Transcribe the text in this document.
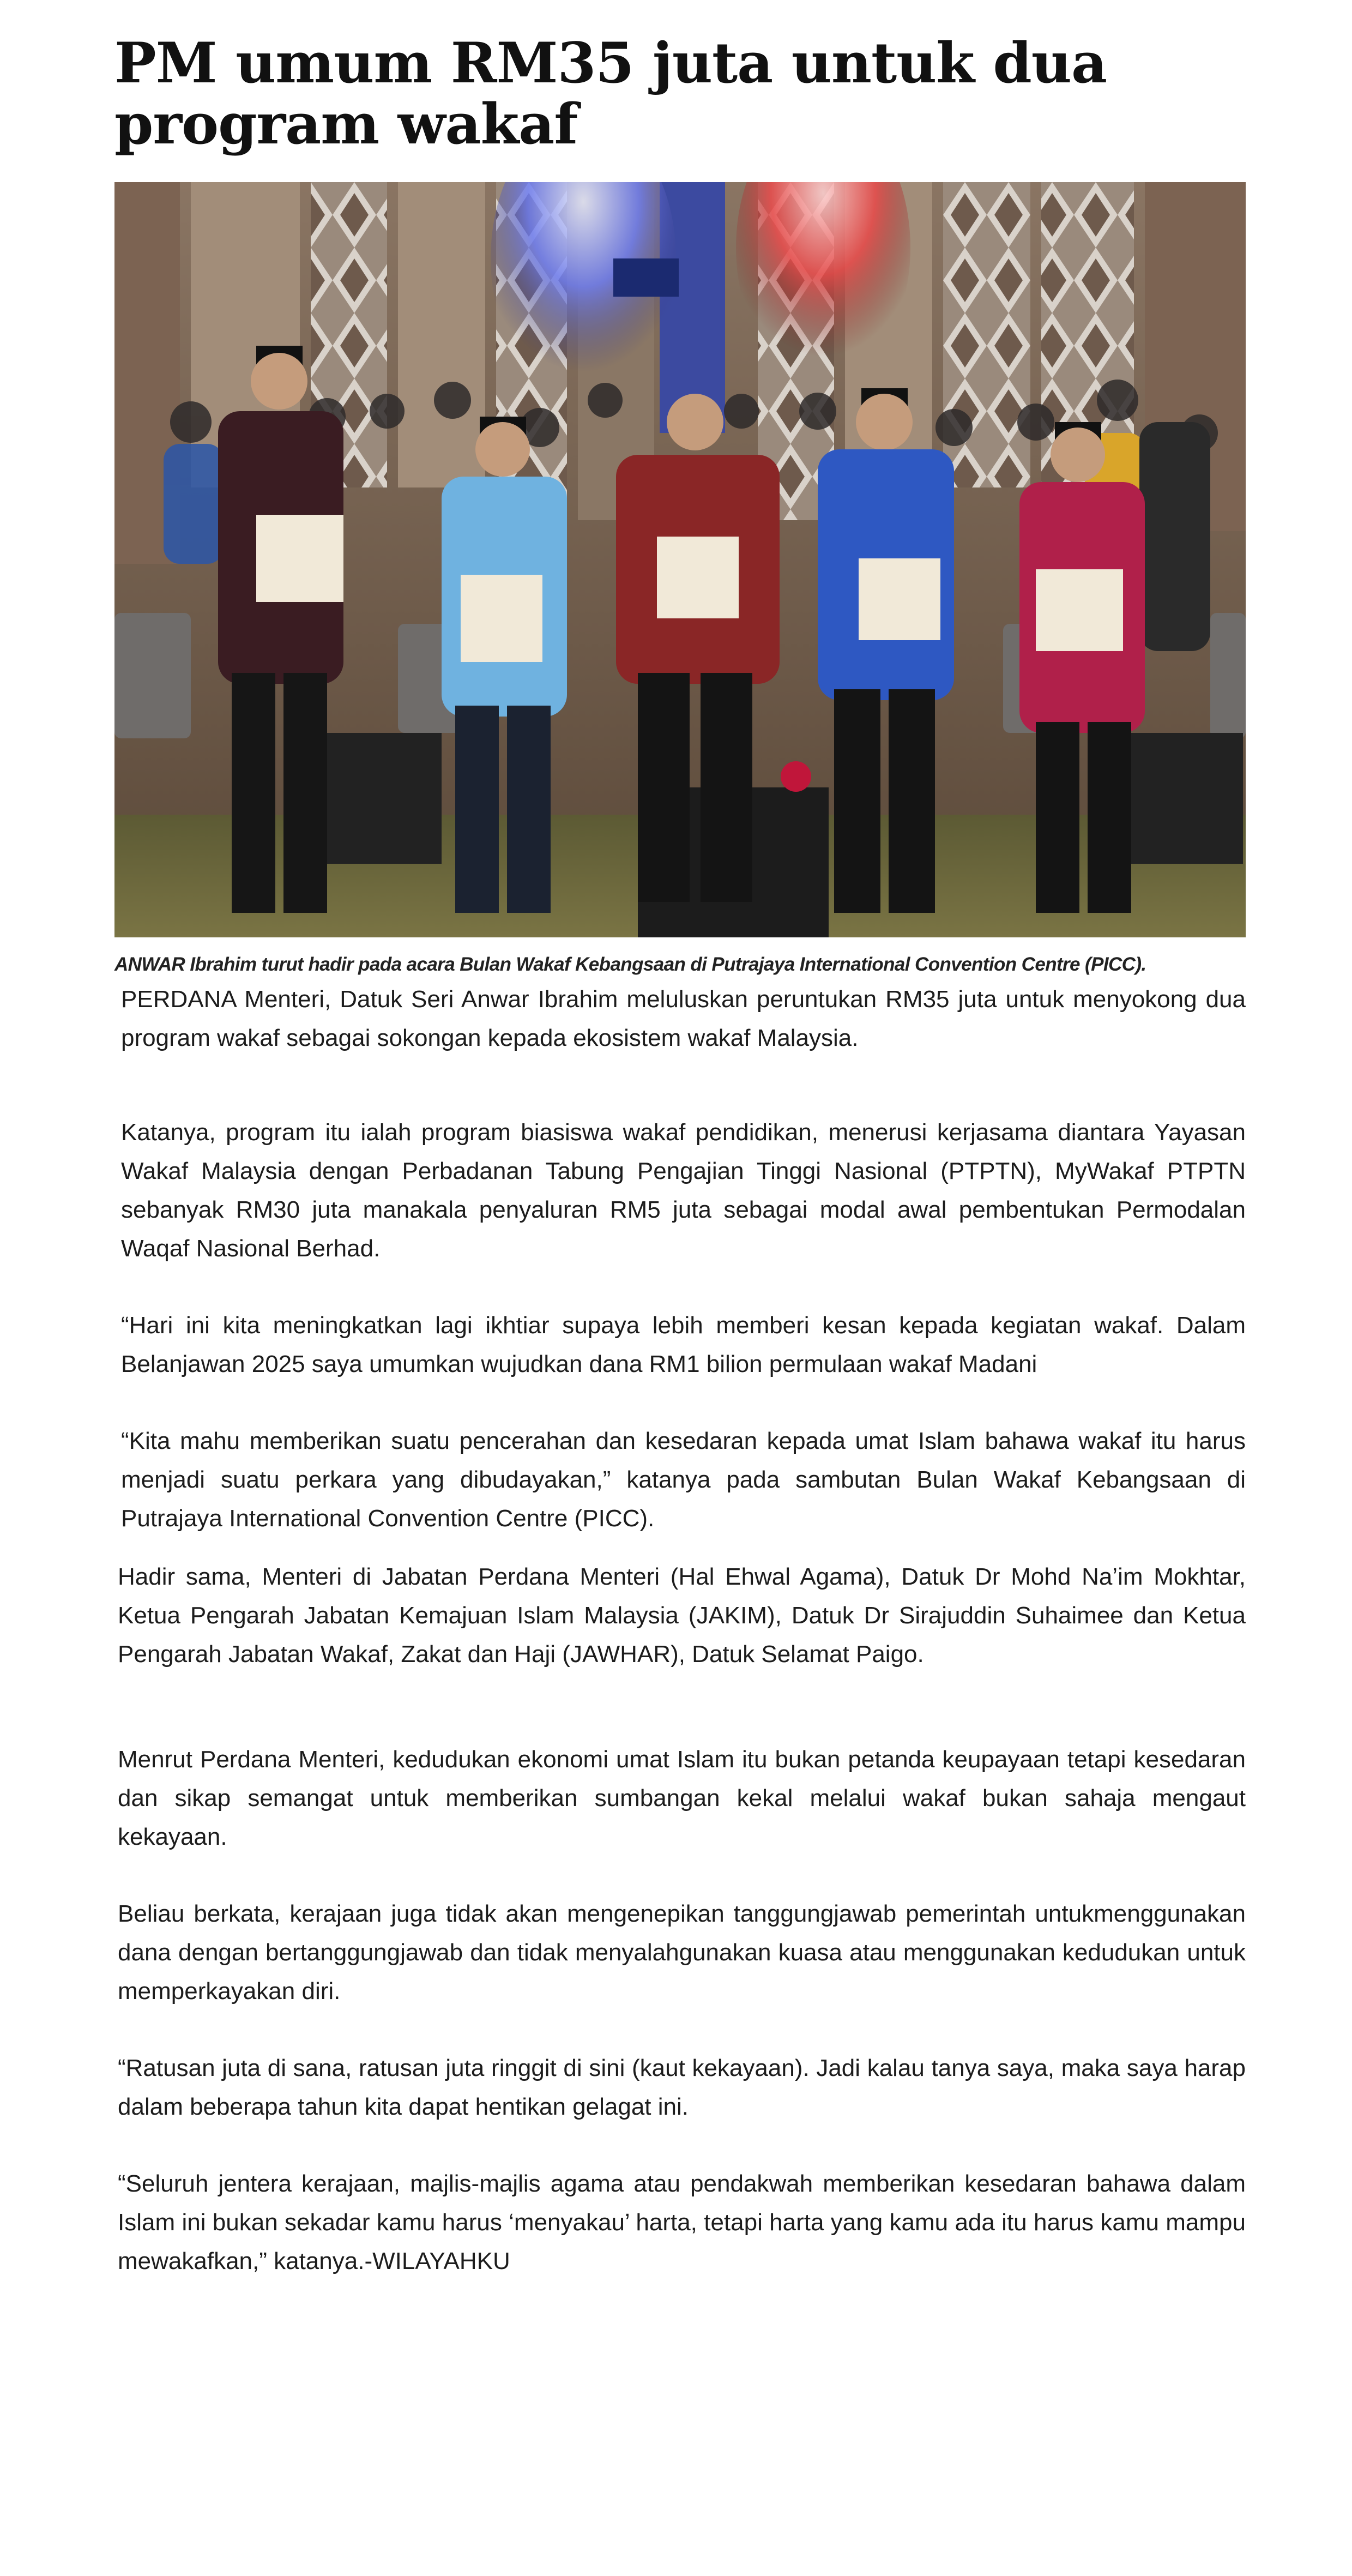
PM umum RM35 juta untuk dua program wakaf

ANWAR Ibrahim turut hadir pada acara Bulan Wakaf Kebangsaan di Putrajaya International Convention Centre (PICC).

PERDANA Menteri, Datuk Seri Anwar Ibrahim meluluskan peruntukan RM35 juta untuk menyokong dua program wakaf sebagai sokongan kepada ekosistem wakaf Malaysia.

Katanya, program itu ialah program biasiswa wakaf pendidikan, menerusi kerjasama diantara Yayasan Wakaf Malaysia dengan Perbadanan Tabung Pengajian Tinggi Nasional (PTPTN), MyWakaf PTPTN sebanyak RM30 juta manakala penyaluran RM5 juta sebagai modal awal pembentukan Permodalan Waqaf Nasional Berhad.

“Hari ini kita meningkatkan lagi ikhtiar supaya lebih memberi kesan kepada kegiatan wakaf. Dalam Belanjawan 2025 saya umumkan wujudkan dana RM1 bilion permulaan wakaf Madani

“Kita mahu memberikan suatu pencerahan dan kesedaran kepada umat Islam bahawa wakaf itu harus menjadi suatu perkara yang dibudayakan,” katanya pada sambutan Bulan Wakaf Kebangsaan di Putrajaya International Convention Centre (PICC).

Hadir sama, Menteri di Jabatan Perdana Menteri (Hal Ehwal Agama), Datuk Dr Mohd Na’im Mokhtar, Ketua Pengarah Jabatan Kemajuan Islam Malaysia (JAKIM), Datuk Dr Sirajuddin Suhaimee dan Ketua Pengarah Jabatan Wakaf, Zakat dan Haji (JAWHAR), Datuk Selamat Paigo.

Menrut Perdana Menteri, kedudukan ekonomi umat Islam itu bukan petanda keupayaan tetapi kesedaran dan sikap semangat untuk memberikan sumbangan kekal melalui wakaf bukan sahaja mengaut kekayaan.

Beliau berkata, kerajaan juga tidak akan mengenepikan tanggungjawab pemerintah untukmenggunakan dana dengan bertanggungjawab dan tidak menyalahgunakan kuasa atau menggunakan kedudukan untuk memperkayakan diri.

“Ratusan juta di sana, ratusan juta ringgit di sini (kaut kekayaan). Jadi kalau tanya saya, maka saya harap dalam beberapa tahun kita dapat hentikan gelagat ini.

“Seluruh jentera kerajaan, majlis-majlis agama atau pendakwah memberikan kesedaran bahawa dalam Islam ini bukan sekadar kamu harus ‘menyakau’ harta, tetapi harta yang kamu ada itu harus kamu mampu mewakafkan,” katanya.-WILAYAHKU
